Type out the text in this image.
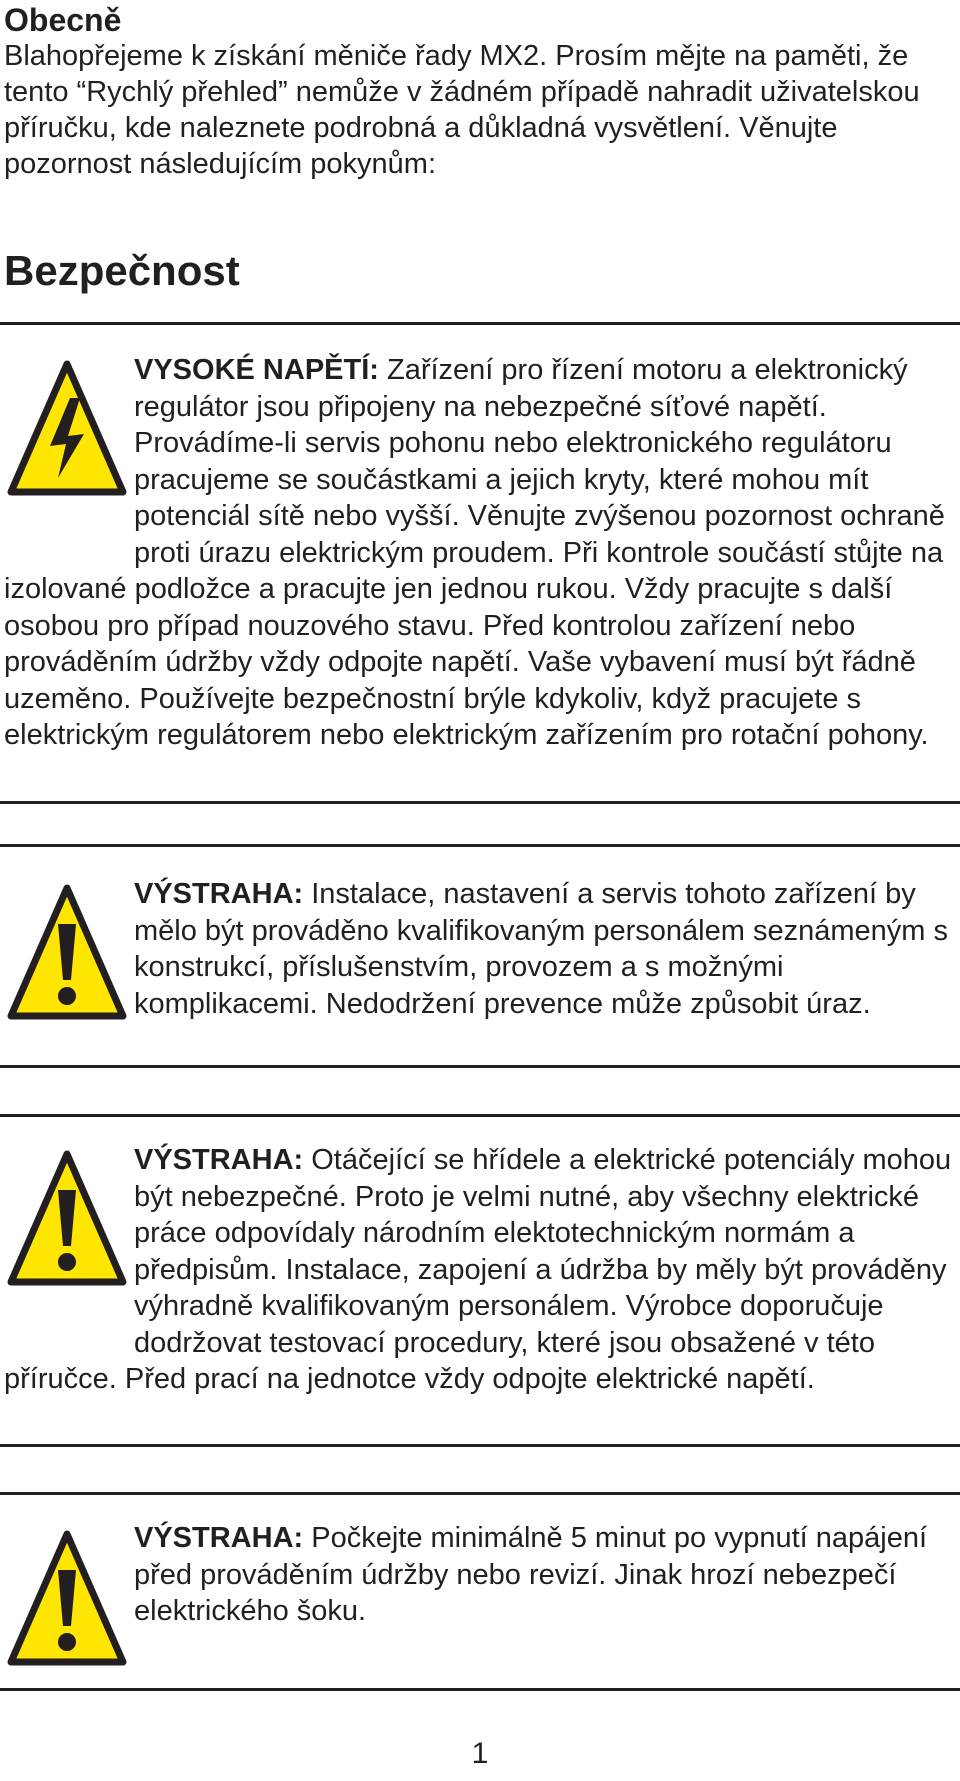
Obecně

Blahopřejeme k získání měniče řady MX2. Prosím mějte na paměti, že tento “Rychlý přehled” nemůže v žádném případě nahradit uživatelskou příručku, kde naleznete podrobná a důkladná vysvětlení. Věnujte pozornost následujícím pokynům:

Bezpečnost

VYSOKÉ NAPĚTÍ: Zařízení pro řízení motoru a elektronický regulátor jsou připojeny na nebezpečné síťové napětí. Provádíme-li servis pohonu nebo elektronického regulátoru pracujeme se součástkami a jejich kryty, které mohou mít potenciál sítě nebo vyšší. Věnujte zvýšenou pozornost ochraně proti úrazu elektrickým proudem. Při kontrole součástí stůjte na izolované podložce a pracujte jen jednou rukou. Vždy pracujte s další osobou pro případ nouzového stavu. Před kontrolou zařízení nebo prováděním údržby vždy odpojte napětí. Vaše vybavení musí být řádně uzeměno. Používejte bezpečnostní brýle kdykoliv, když pracujete s elektrickým regulátorem nebo elektrickým zařízením pro rotační pohony.

VÝSTRAHA: Instalace, nastavení a servis tohoto zařízení by mělo být prováděno kvalifikovaným personálem seznámeným s konstrukcí, příslušenstvím, provozem a s možnými komplikacemi. Nedodržení prevence může způsobit úraz.

VÝSTRAHA: Otáčející se hřídele a elektrické potenciály mohou být nebezpečné. Proto je velmi nutné, aby všechny elektrické práce odpovídaly národním elektotechnickým normám a předpisům. Instalace, zapojení a údržba by měly být prováděny výhradně kvalifikovaným personálem. Výrobce doporučuje dodržovat testovací procedury, které jsou obsažené v této příručce. Před prací na jednotce vždy odpojte elektrické napětí.

VÝSTRAHA: Počkejte minimálně 5 minut po vypnutí napájení před prováděním údržby nebo revizí. Jinak hrozí nebezpečí elektrického šoku.

1
